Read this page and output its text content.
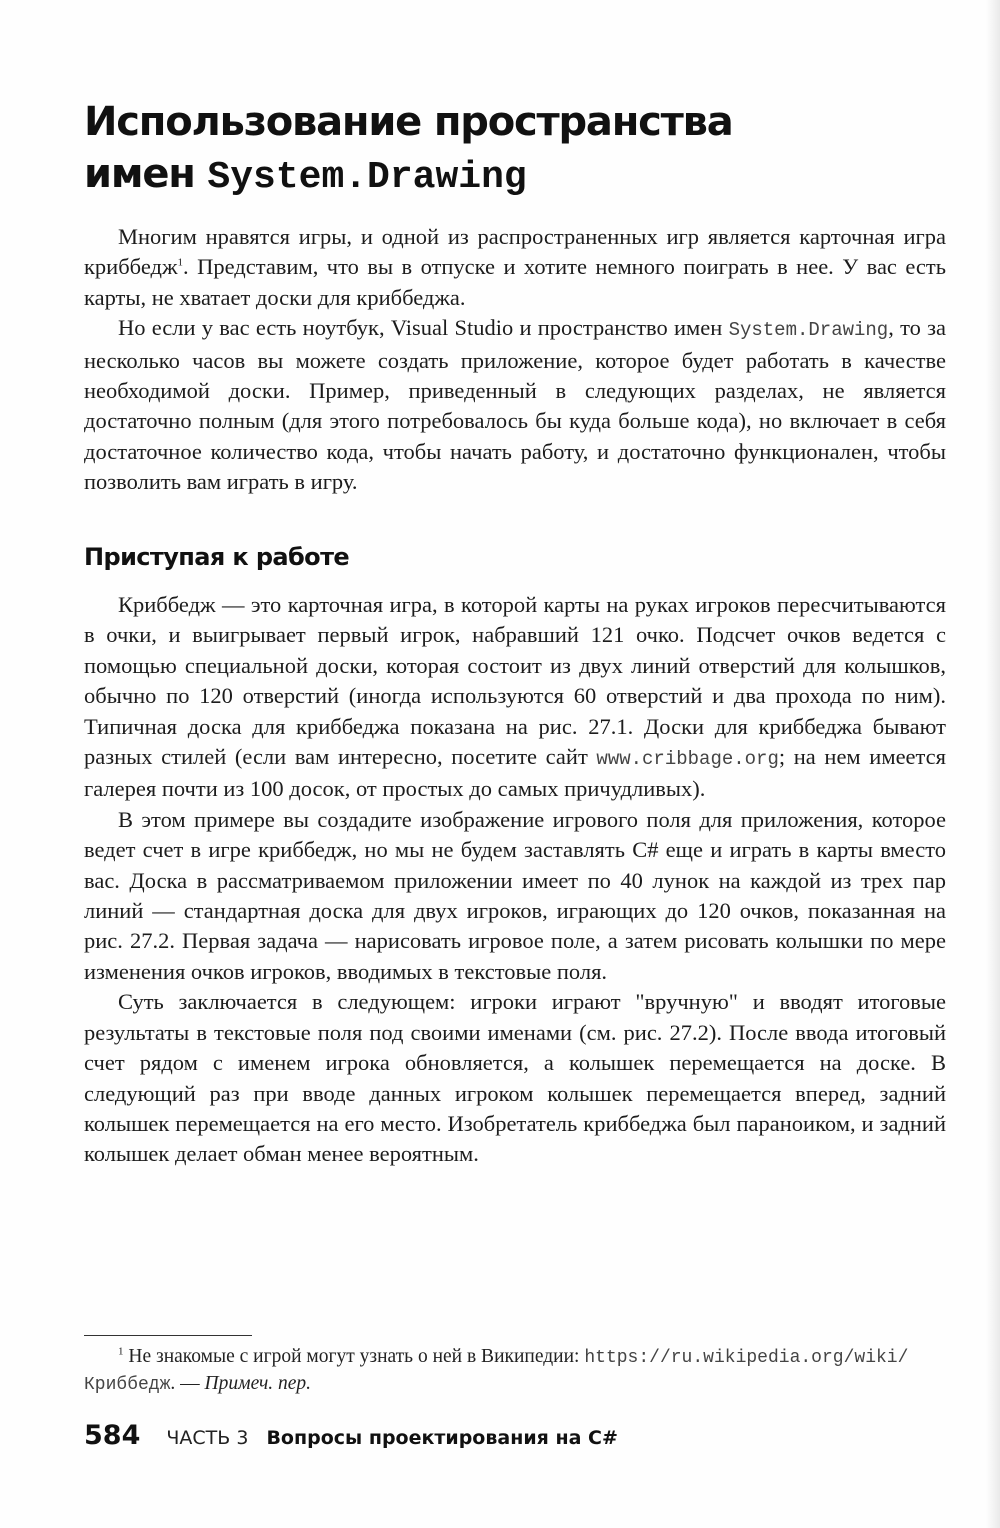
Использование пространства
имен System.Drawing

Многим нравятся игры, и одной из распространенных игр является карточная игра криббедж$^1$. Представим, что вы в отпуске и хотите немного поиграть в нее. У вас есть карты, не хватает доски для криббеджа.

Но если у вас есть ноутбук, Visual Studio и пространство имен System.Drawing, то за несколько часов вы можете создать приложение, которое будет работать в качестве необходимой доски. Пример, приведенный в следующих разделах, не является достаточно полным (для этого потребовалось бы куда больше кода), но включает в себя достаточное количество кода, чтобы начать работу, и достаточно функционален, чтобы позволить вам играть в игру.

Приступая к работе

Криббедж — это карточная игра, в которой карты на руках игроков пересчитываются в очки, и выигрывает первый игрок, набравший 121 очко. Подсчет очков ведется с помощью специальной доски, которая состоит из двух линий отверстий для колышков, обычно по 120 отверстий (иногда используются 60 отверстий и два прохода по ним). Типичная доска для криббеджа показана на рис. 27.1. Доски для криббеджа бывают разных стилей (если вам интересно, посетите сайт www.cribbage.org; на нем имеется галерея почти из 100 досок, от простых до самых причудливых).

В этом примере вы создадите изображение игрового поля для приложения, которое ведет счет в игре криббедж, но мы не будем заставлять C# еще и играть в карты вместо вас. Доска в рассматриваемом приложении имеет по 40 лунок на каждой из трех пар линий — стандартная доска для двух игроков, играющих до 120 очков, показанная на рис. 27.2. Первая задача — нарисовать игровое поле, а затем рисовать колышки по мере изменения очков игроков, вводимых в текстовые поля.

Суть заключается в следующем: игроки играют "вручную" и вводят итоговые результаты в текстовые поля под своими именами (см. рис. 27.2). После ввода итоговый счет рядом с именем игрока обновляется, а колышек перемещается на доске. В следующий раз при вводе данных игроком колышек перемещается вперед, задний колышек перемещается на его место. Изобретатель криббеджа был параноиком, и задний колышек делает обман менее вероятным.

$^1$ Не знакомые с игрой могут узнать о ней в Википедии: https://ru.wikipedia.org/wiki/Криббедж. — Примеч. пер.
584 ЧАСТЬ 3 Вопросы проектирования на C#
